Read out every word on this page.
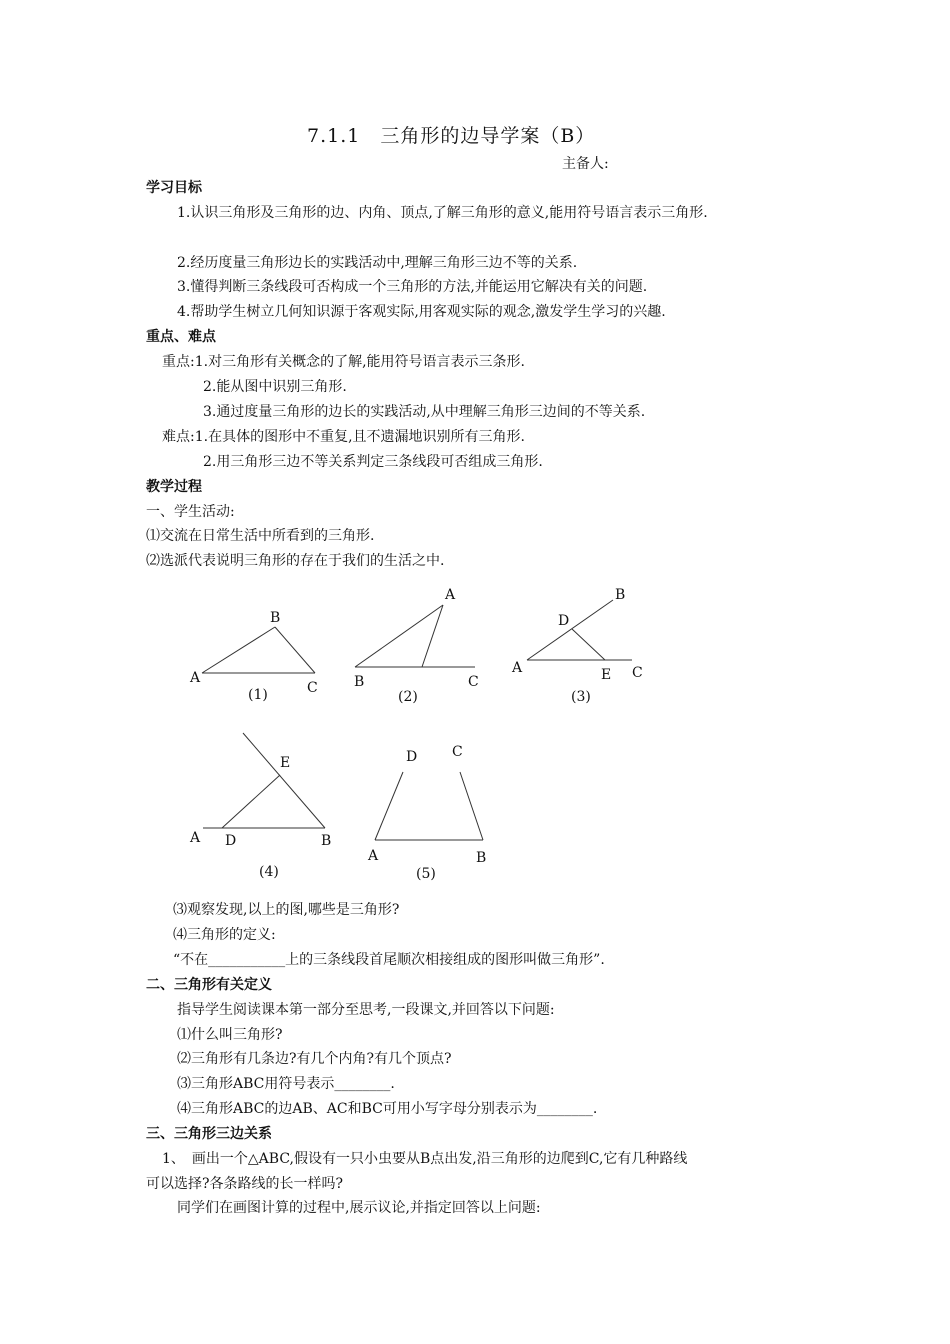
7.1.1　三角形的边导学案（B）
主备人:
学习目标
1.认识三角形及三角形的边、内角、顶点,了解三角形的意义,能用符号语言表示三角形.
2.经历度量三角形边长的实践活动中,理解三角形三边不等的关系.
3.懂得判断三条线段可否构成一个三角形的方法,并能运用它解决有关的问题.
4.帮助学生树立几何知识源于客观实际,用客观实际的观念,激发学生学习的兴趣.
重点、难点
重点:1.对三角形有关概念的了解,能用符号语言表示三条形.
2.能从图中识别三角形.
3.通过度量三角形的边长的实践活动,从中理解三角形三边间的不等关系.
难点:1.在具体的图形中不重复,且不遗漏地识别所有三角形.
2.用三角形三边不等关系判定三条线段可否组成三角形.
教学过程
一、学生活动:
⑴交流在日常生活中所看到的三角形.
⑵选派代表说明三角形的存在于我们的生活之中.
A
B
C
(1)
A
B	C
(2)
A
B
C
D
E
(3)
A	B
D
E
(4)
A	B
C
D
(5)
⑶观察发现,以上的图,哪些是三角形?
⑷三角形的定义:
“不在___________上的三条线段首尾顺次相接组成的图形叫做三角形”.
二、三角形有关定义
指导学生阅读课本第一部分至思考,一段课文,并回答以下问题:
⑴什么叫三角形?
⑵三角形有几条边?有几个内角?有几个顶点?
⑶三角形ABC用符号表示________.
⑷三角形ABC的边AB、AC和BC可用小写字母分别表示为________.
三、三角形三边关系
1、　画出一个△ABC,假设有一只小虫要从B点出发,沿三角形的边爬到C,它有几种路线
可以选择?各条路线的长一样吗?
同学们在画图计算的过程中,展示议论,并指定回答以上问题:
